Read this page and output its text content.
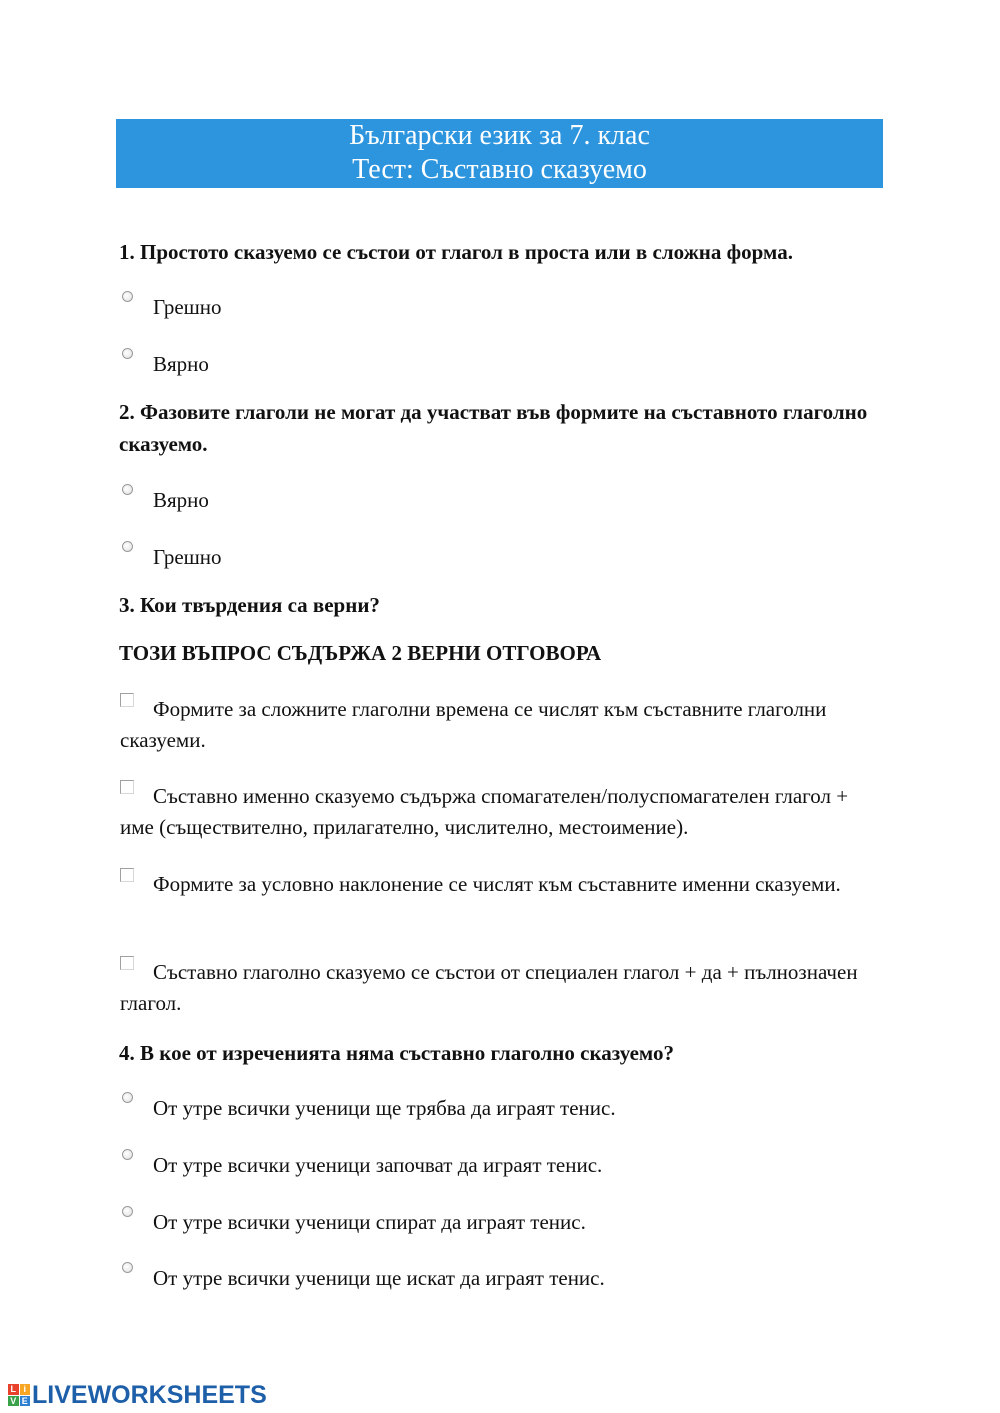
Български език за 7. клас
Тест: Съставно сказуемо
1. Простото сказуемо се състои от глагол в проста или в сложна форма.
Грешно
Вярно
2. Фазовите глаголи не могат да участват във формите на съставното глаголно сказуемо.
Вярно
Грешно
3. Кои твърдения са верни?
ТОЗИ ВЪПРОС СЪДЪРЖА 2 ВЕРНИ ОТГОВОРА
Формите за сложните глаголни времена се числят към съставните глаголни сказуеми.
Съставно именно сказуемо съдържа спомагателен/полуспомагателен глагол + име (съществително, прилагателно, числително, местоимение).
Формите за условно наклонение се числят към съставните именни сказуеми.
Съставно глаголно сказуемо се състои от специален глагол + да + пълнозначен глагол.
4. В кое от изреченията няма съставно глаголно сказуемо?
От утре всички ученици ще трябва да играят тенис.
От утре всички ученици започват да играят тенис.
От утре всички ученици спират да играят тенис.
От утре всички ученици ще искат да играят тенис.
L i
V E LIVEWORKSHEETS
